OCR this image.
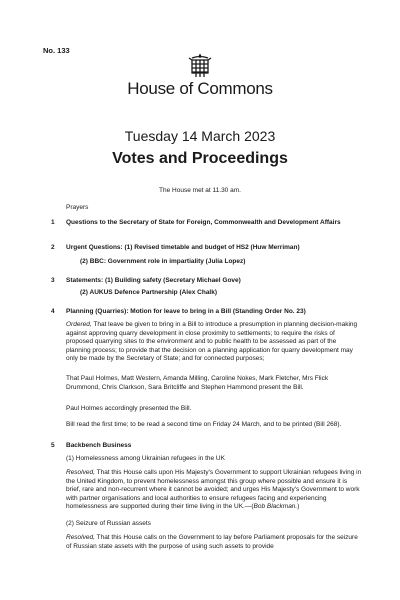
No. 133
House of Commons
Tuesday 14 March 2023
Votes and Proceedings
The House met at 11.30 am.
Prayers
1 Questions to the Secretary of State for Foreign, Commonwealth and Development Affairs
2 Urgent Questions: (1) Revised timetable and budget of HS2 (Huw Merriman)
(2) BBC: Government role in impartiality (Julia Lopez)
3 Statements: (1) Building safety (Secretary Michael Gove)
(2) AUKUS Defence Partnership (Alex Chalk)
4 Planning (Quarries): Motion for leave to bring in a Bill (Standing Order No. 23)
Ordered, That leave be given to bring in a Bill to introduce a presumption in planning decision-making against approving quarry development in close proximity to settlements; to require the risks of proposed quarrying sites to the environment and to public health to be assessed as part of the planning process; to provide that the decision on a planning application for quarry development may only be made by the Secretary of State; and for connected purposes;
That Paul Holmes, Matt Western, Amanda Milling, Caroline Nokes, Mark Fletcher, Mrs Flick Drummond, Chris Clarkson, Sara Britcliffe and Stephen Hammond present the Bill.
Paul Holmes accordingly presented the Bill.
Bill read the first time; to be read a second time on Friday 24 March, and to be printed (Bill 268).
5 Backbench Business
(1) Homelessness among Ukrainian refugees in the UK
Resolved, That this House calls upon His Majesty's Government to support Ukrainian refugees living in the United Kingdom, to prevent homelessness amongst this group where possible and ensure it is brief, rare and non-recurrent where it cannot be avoided; and urges His Majesty's Government to work with partner organisations and local authorities to ensure refugees facing and experiencing homelessness are supported during their time living in the UK.—(Bob Blackman.)
(2) Seizure of Russian assets
Resolved, That this House calls on the Government to lay before Parliament proposals for the seizure of Russian state assets with the purpose of using such assets to provide
